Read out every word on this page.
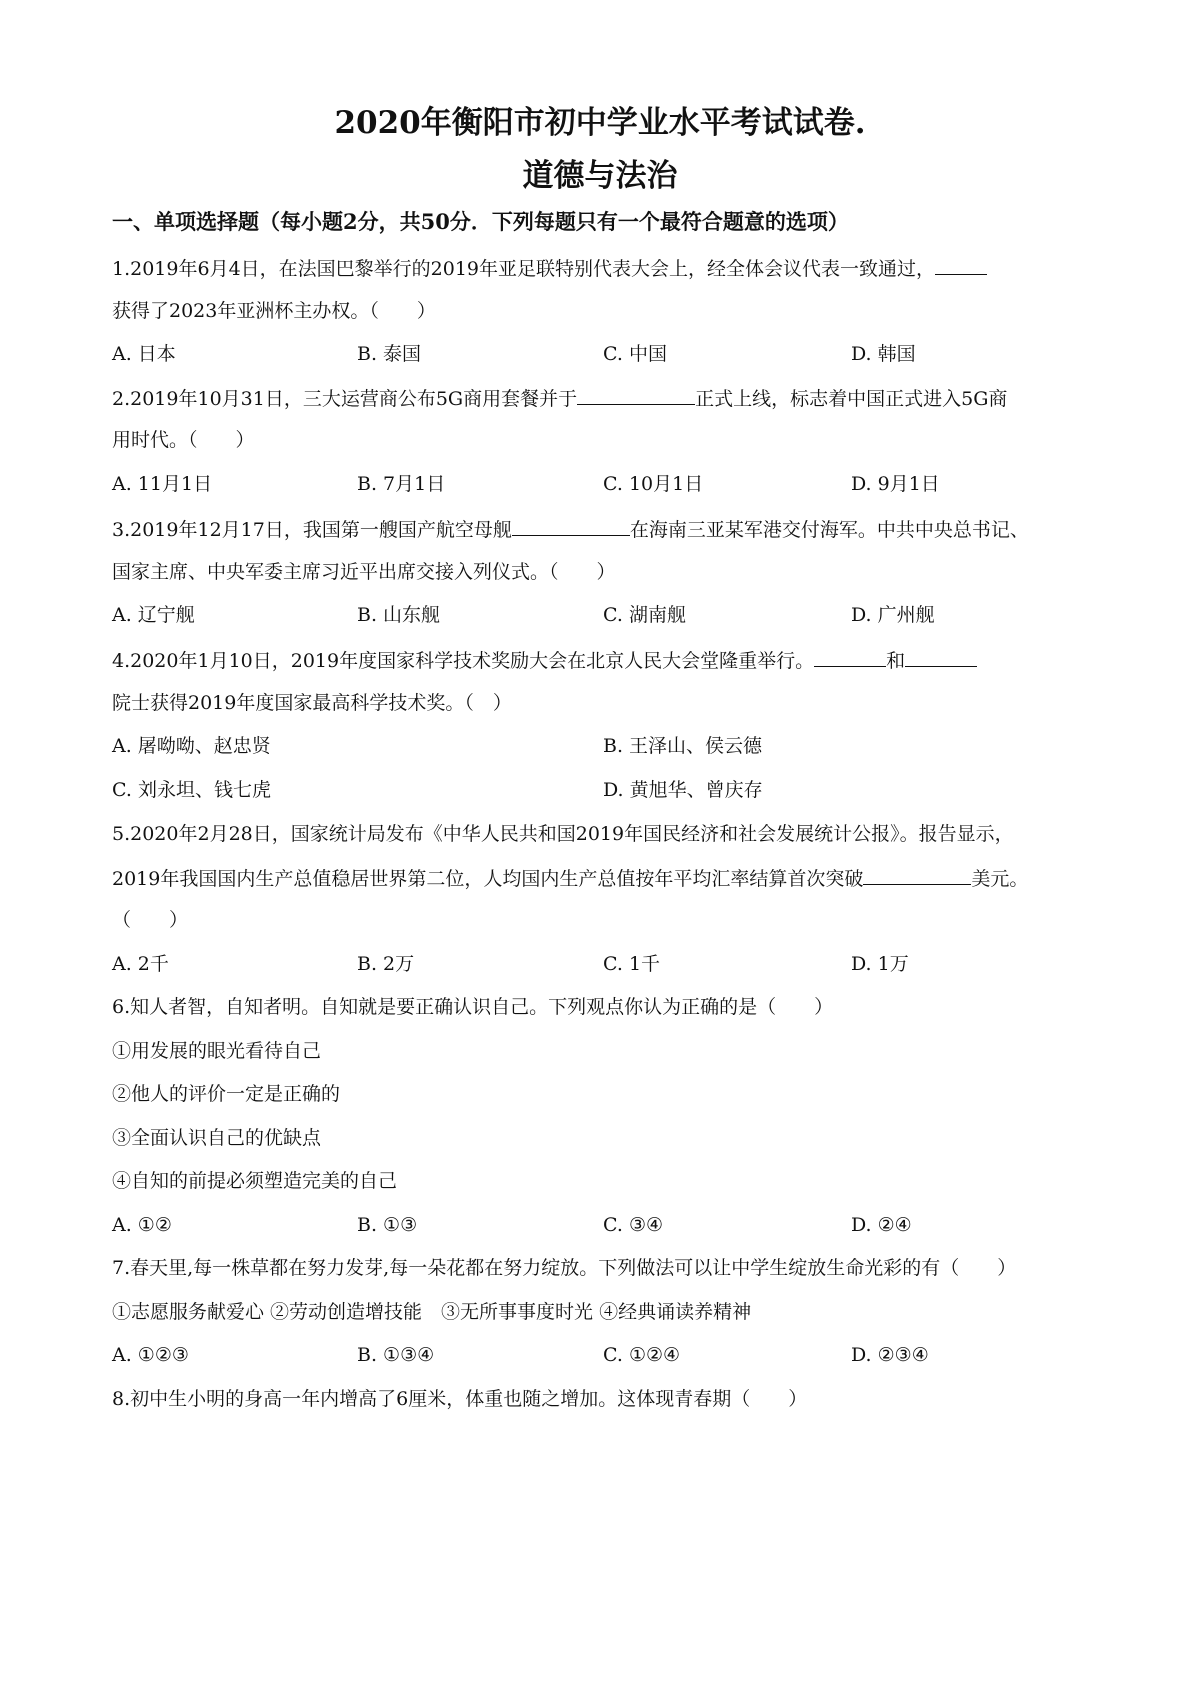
2020年衡阳市初中学业水平考试试卷.
道德与法治
一、单项选择题（每小题2分，共50分．下列每题只有一个最符合题意的选项）
1.2019年6月4日，在法国巴黎举行的2019年亚足联特别代表大会上，经全体会议代表一致通过，
获得了2023年亚洲杯主办权。（　　）
A. 日本	B. 泰国	C. 中国	D. 韩国
2.2019年10月31日，三大运营商公布5G商用套餐并于	正式上线，标志着中国正式进入5G商
用时代。（　　）
A. 11月1日	B. 7月1日	C. 10月1日	D. 9月1日
3.2019年12月17日，我国第一艘国产航空母舰	在海南三亚某军港交付海军。中共中央总书记、
国家主席、中央军委主席习近平出席交接入列仪式。（　　）
A. 辽宁舰	B. 山东舰	C. 湖南舰	D. 广州舰
4.2020年1月10日，2019年度国家科学技术奖励大会在北京人民大会堂隆重举行。	和
院士获得2019年度国家最高科学技术奖。（　）
A. 屠呦呦、赵忠贤	B. 王泽山、侯云德
C. 刘永坦、钱七虎	D. 黄旭华、曾庆存
5.2020年2月28日，国家统计局发布《中华人民共和国2019年国民经济和社会发展统计公报》。报告显示，
2019年我国国内生产总值稳居世界第二位，人均国内生产总值按年平均汇率结算首次突破	美元。
（　　）
A. 2千	B. 2万	C. 1千	D. 1万
6.知人者智，自知者明。自知就是要正确认识自己。下列观点你认为正确的是（　　）
①用发展的眼光看待自己
②他人的评价一定是正确的
③全面认识自己的优缺点
④自知的前提必须塑造完美的自己
A. ①②	B. ①③	C. ③④	D. ②④
7.春天里,每一株草都在努力发芽,每一朵花都在努力绽放。下列做法可以让中学生绽放生命光彩的有（　　）
①志愿服务献爱心 ②劳动创造增技能　③无所事事度时光 ④经典诵读养精神
A. ①②③	B. ①③④	C. ①②④	D. ②③④
8.初中生小明的身高一年内增高了6厘米，体重也随之增加。这体现青春期（　　）
